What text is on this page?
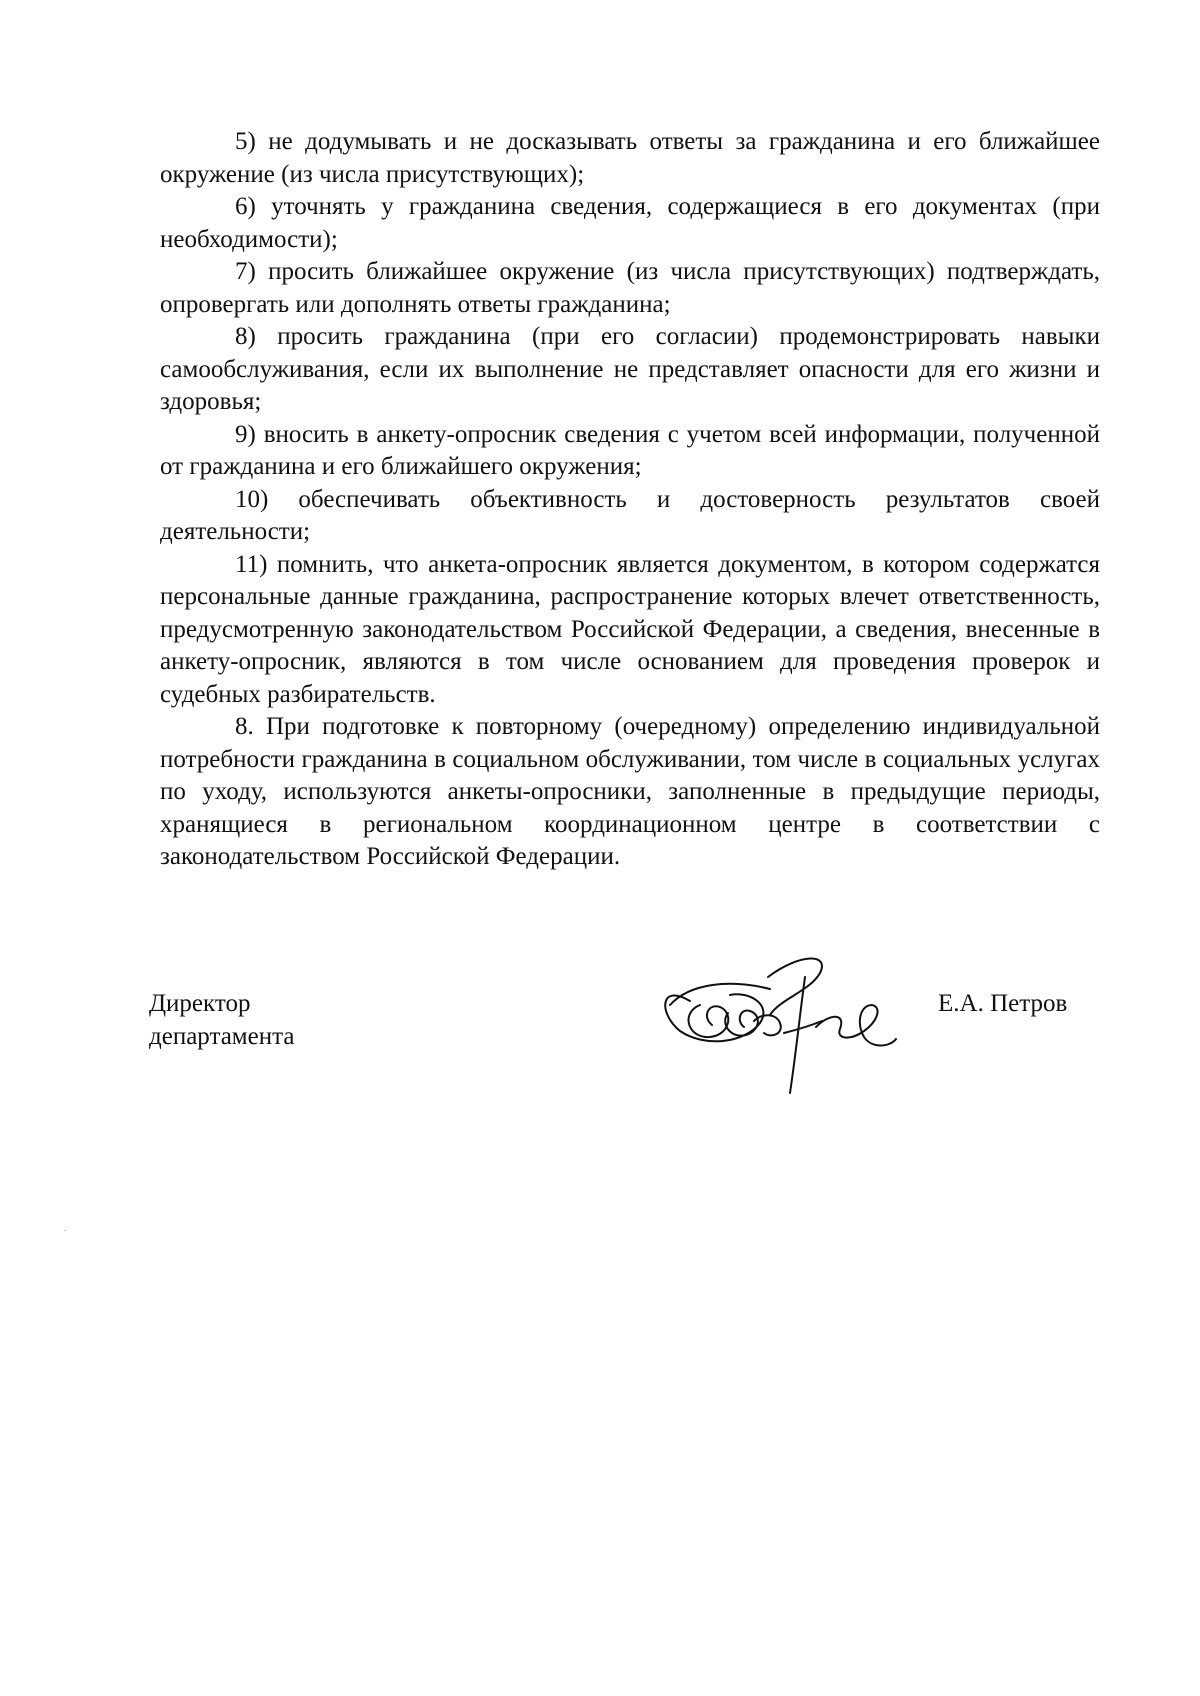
5) не додумывать и не досказывать ответы за гражданина и его ближайшее окружение (из числа присутствующих);

6) уточнять у гражданина сведения, содержащиеся в его документах (при необходимости);

7) просить ближайшее окружение (из числа присутствующих) подтверждать, опровергать или дополнять ответы гражданина;

8) просить гражданина (при его согласии) продемонстрировать навыки самообслуживания, если их выполнение не представляет опасности для его жизни и здоровья;

9) вносить в анкету-опросник сведения с учетом всей информации, полученной от гражданина и его ближайшего окружения;

10) обеспечивать объективность и достоверность результатов своей деятельности;

11) помнить, что анкета-опросник является документом, в котором содержатся персональные данные гражданина, распространение которых влечет ответственность, предусмотренную законодательством Российской Федерации, а сведения, внесенные в анкету-опросник, являются в том числе основанием для проведения проверок и судебных разбирательств.

8. При подготовке к повторному (очередному) определению индивидуальной потребности гражданина в социальном обслуживании, том числе в социальных услугах по уходу, используются анкеты-опросники, заполненные в предыдущие периоды, хранящиеся в региональном координационном центре в соответствии с законодательством Российской Федерации.

Директор
департамента
Е.А. Петров
